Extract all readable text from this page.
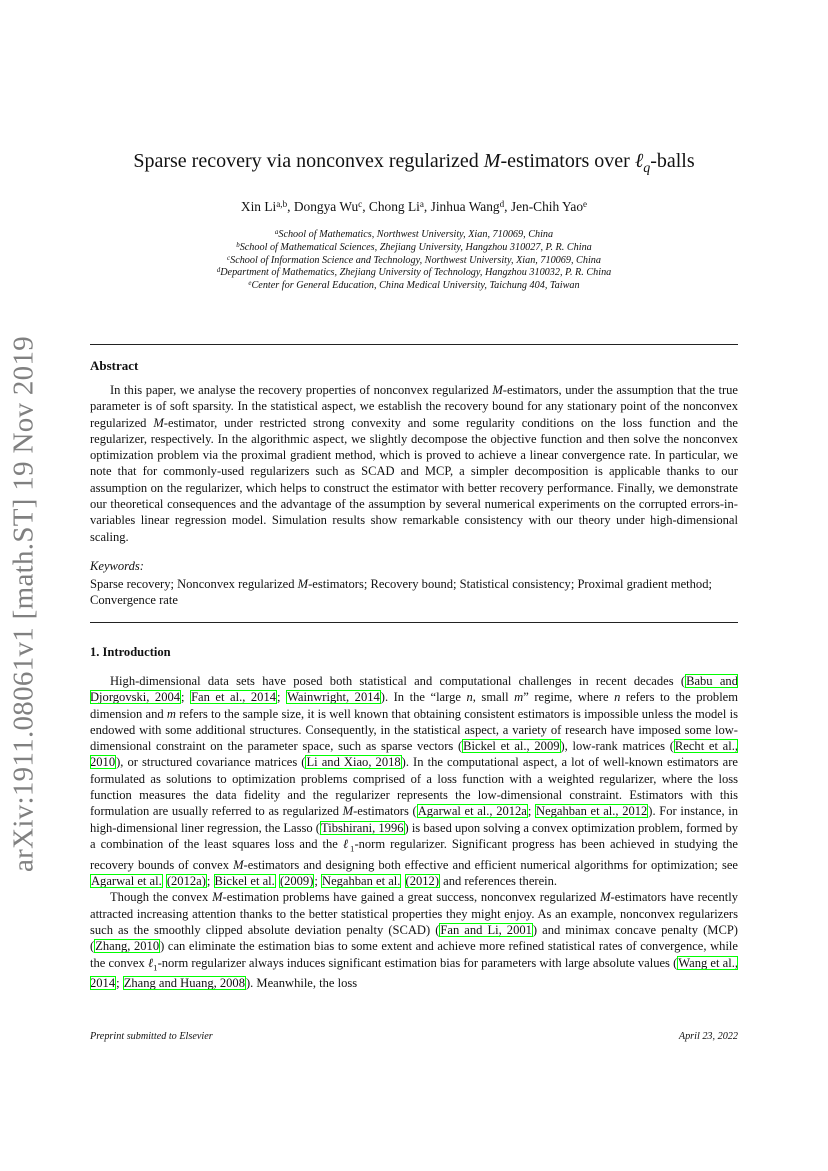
arXiv:1911.08061v1 [math.ST] 19 Nov 2019
Sparse recovery via nonconvex regularized M-estimators over ℓ$_q$-balls
Xin Li$^{a,b}$, Dongya Wu$^c$, Chong Li$^a$, Jinhua Wang$^d$, Jen-Chih Yao$^e$
$^a$School of Mathematics, Northwest University, Xian, 710069, China
$^b$School of Mathematical Sciences, Zhejiang University, Hangzhou 310027, P. R. China
$^c$School of Information Science and Technology, Northwest University, Xian, 710069, China
$^d$Department of Mathematics, Zhejiang University of Technology, Hangzhou 310032, P. R. China
$^e$Center for General Education, China Medical University, Taichung 404, Taiwan
Abstract

In this paper, we analyse the recovery properties of nonconvex regularized M-estimators, under the assumption that the true parameter is of soft sparsity. In the statistical aspect, we establish the recovery bound for any stationary point of the nonconvex regularized M-estimator, under restricted strong convexity and some regularity conditions on the loss function and the regularizer, respectively. In the algorithmic aspect, we slightly decompose the objective function and then solve the nonconvex optimization problem via the proximal gradient method, which is proved to achieve a linear convergence rate. In particular, we note that for commonly-used regularizers such as SCAD and MCP, a simpler decomposition is applicable thanks to our assumption on the regularizer, which helps to construct the estimator with better recovery performance. Finally, we demonstrate our theoretical consequences and the advantage of the assumption by several numerical experiments on the corrupted errors-in-variables linear regression model. Simulation results show remarkable consistency with our theory under high-dimensional scaling.

Keywords:
Sparse recovery; Nonconvex regularized M-estimators; Recovery bound; Statistical consistency; Proximal gradient method; Convergence rate
1. Introduction

High-dimensional data sets have posed both statistical and computational challenges in recent decades (Babu and Djorgovski, 2004; Fan et al., 2014; Wainwright, 2014). In the “large n, small m” regime, where n refers to the problem dimension and m refers to the sample size, it is well known that obtaining consistent estimators is impossible unless the model is endowed with some additional structures. Consequently, in the statistical aspect, a variety of research have imposed some low-dimensional constraint on the parameter space, such as sparse vectors (Bickel et al., 2009), low-rank matrices (Recht et al., 2010), or structured covariance matrices (Li and Xiao, 2018). In the computational aspect, a lot of well-known estimators are formulated as solutions to optimization problems comprised of a loss function with a weighted regularizer, where the loss function measures the data fidelity and the regularizer represents the low-dimensional constraint. Estimators with this formulation are usually referred to as regularized M-estimators (Agarwal et al., 2012a; Negahban et al., 2012). For instance, in high-dimensional liner regression, the Lasso (Tibshirani, 1996) is based upon solving a convex optimization problem, formed by a combination of the least squares loss and the ℓ$_1$-norm regularizer. Significant progress has been achieved in studying the recovery bounds of convex M-estimators and designing both effective and efficient numerical algorithms for optimization; see Agarwal et al. (2012a); Bickel et al. (2009); Negahban et al. (2012) and references therein.

Though the convex M-estimation problems have gained a great success, nonconvex regularized M-estimators have recently attracted increasing attention thanks to the better statistical properties they might enjoy. As an example, nonconvex regularizers such as the smoothly clipped absolute deviation penalty (SCAD) (Fan and Li, 2001) and minimax concave penalty (MCP) (Zhang, 2010) can eliminate the estimation bias to some extent and achieve more refined statistical rates of convergence, while the convex ℓ$_1$-norm regularizer always induces significant estimation bias for parameters with large absolute values (Wang et al., 2014; Zhang and Huang, 2008). Meanwhile, the loss

Preprint submitted to Elsevier	April 23, 2022
